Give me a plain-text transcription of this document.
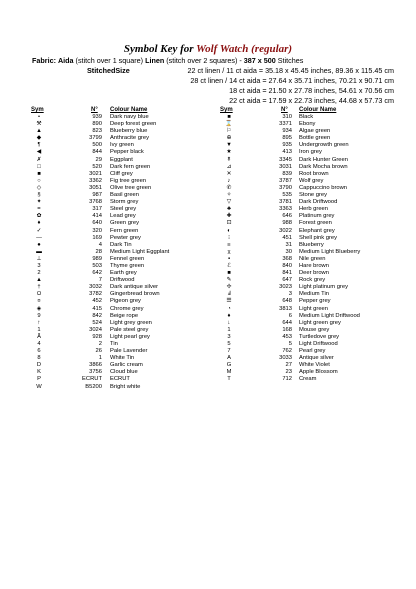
Symbol Key for Wolf Watch (regular)
Fabric: Aida (stitch over 1 square) Linen (stitch over 2 squares) - 387 x 500 Stitches
StitchedSize	22 ct linen / 11 ct aida = 35.18 x 45.45 inches, 89.36 x 115.45 cm
28 ct linen / 14 ct aida = 27.64 x 35.71 inches, 70.21 x 90.71 cm
18 ct aida = 21.50 x 27.78 inches, 54.61 x 70.56 cm
22 ct aida = 17.59 x 22.73 inches, 44.68 x 57.73 cm
Sym	N° Colour Name	Sym	N° Colour Name
•	939 Dark navy blue
⚒	890 Deep forest green
▲	823 Blueberry blue
◆	3799 Anthracite grey
¶	500 Ivy green
◀	844 Pepper black
✗	29 Eggplant
□	520 Dark fern green
■	3021 Cliff grey
○	3362 Fig tree green
◇	3051 Olive tree green
§	987 Basil green
✦	3768 Storm grey
=	317 Steel grey
✿	414 Lead grey
♦	640 Green grey
✓	320 Fern green
—	169 Pewter grey
●	4 Dark Tin
▬	28 Medium Light Eggplant
⊥	989 Fennel green
3	503 Thyme green
2	642 Earth grey
▲	7 Driftwood
†	3032 Dark antique silver
Ω	3782 Gingerbread brown
¤	452 Pigeon grey
◈	415 Chrome grey
9	842 Beige rope
↑	524 Light grey green
1	3024 Pale steel grey
Ã	928 Light pearl grey
4	2 Tin
6	26 Pale Lavender
8	1 White Tin
D	3866 Garlic cream
K	3756 Cloud blue
P	ECRUT ECRUT
W	B5200 Bright white
■	310 Black
⌛	3371 Ebony
⚐	934 Algae green
⊕	895 Bottle green
▼	935 Undergrowth green
★	413 Iron grey
↟	3345 Dark Hunter Green
⊿	3031 Dark Mocha brown
✕	839 Root brown
♪	3787 Wolf grey
✆	3790 Cappuccino brown
✧	535 Stone grey
▽	3781 Dark Driftwood
♣	3363 Herb green
✚	646 Platinum grey
⊡	988 Forest green
◐	3022 Elephant grey
⁝	451 Shell pink grey
≡	31 Blueberry
χ	30 Medium Light Blueberry
▪	368 Nile green
ℰ	840 Hare brown
■	841 Deer brown
✎	647 Rock grey
✢	3023 Light platinum grey
Ⅎ	3 Medium Tin
☰	648 Pepper grey
◔	3813 Light green
♦	6 Medium Light Driftwood
↓	644 Light green grey
1	168 Mouse grey
3	453 Turtledove grey
5	5 Light Driftwood
7	762 Pearl grey
A	3033 Antique silver
G	27 White Violet
M	23 Apple Blossom
T	712 Cream
